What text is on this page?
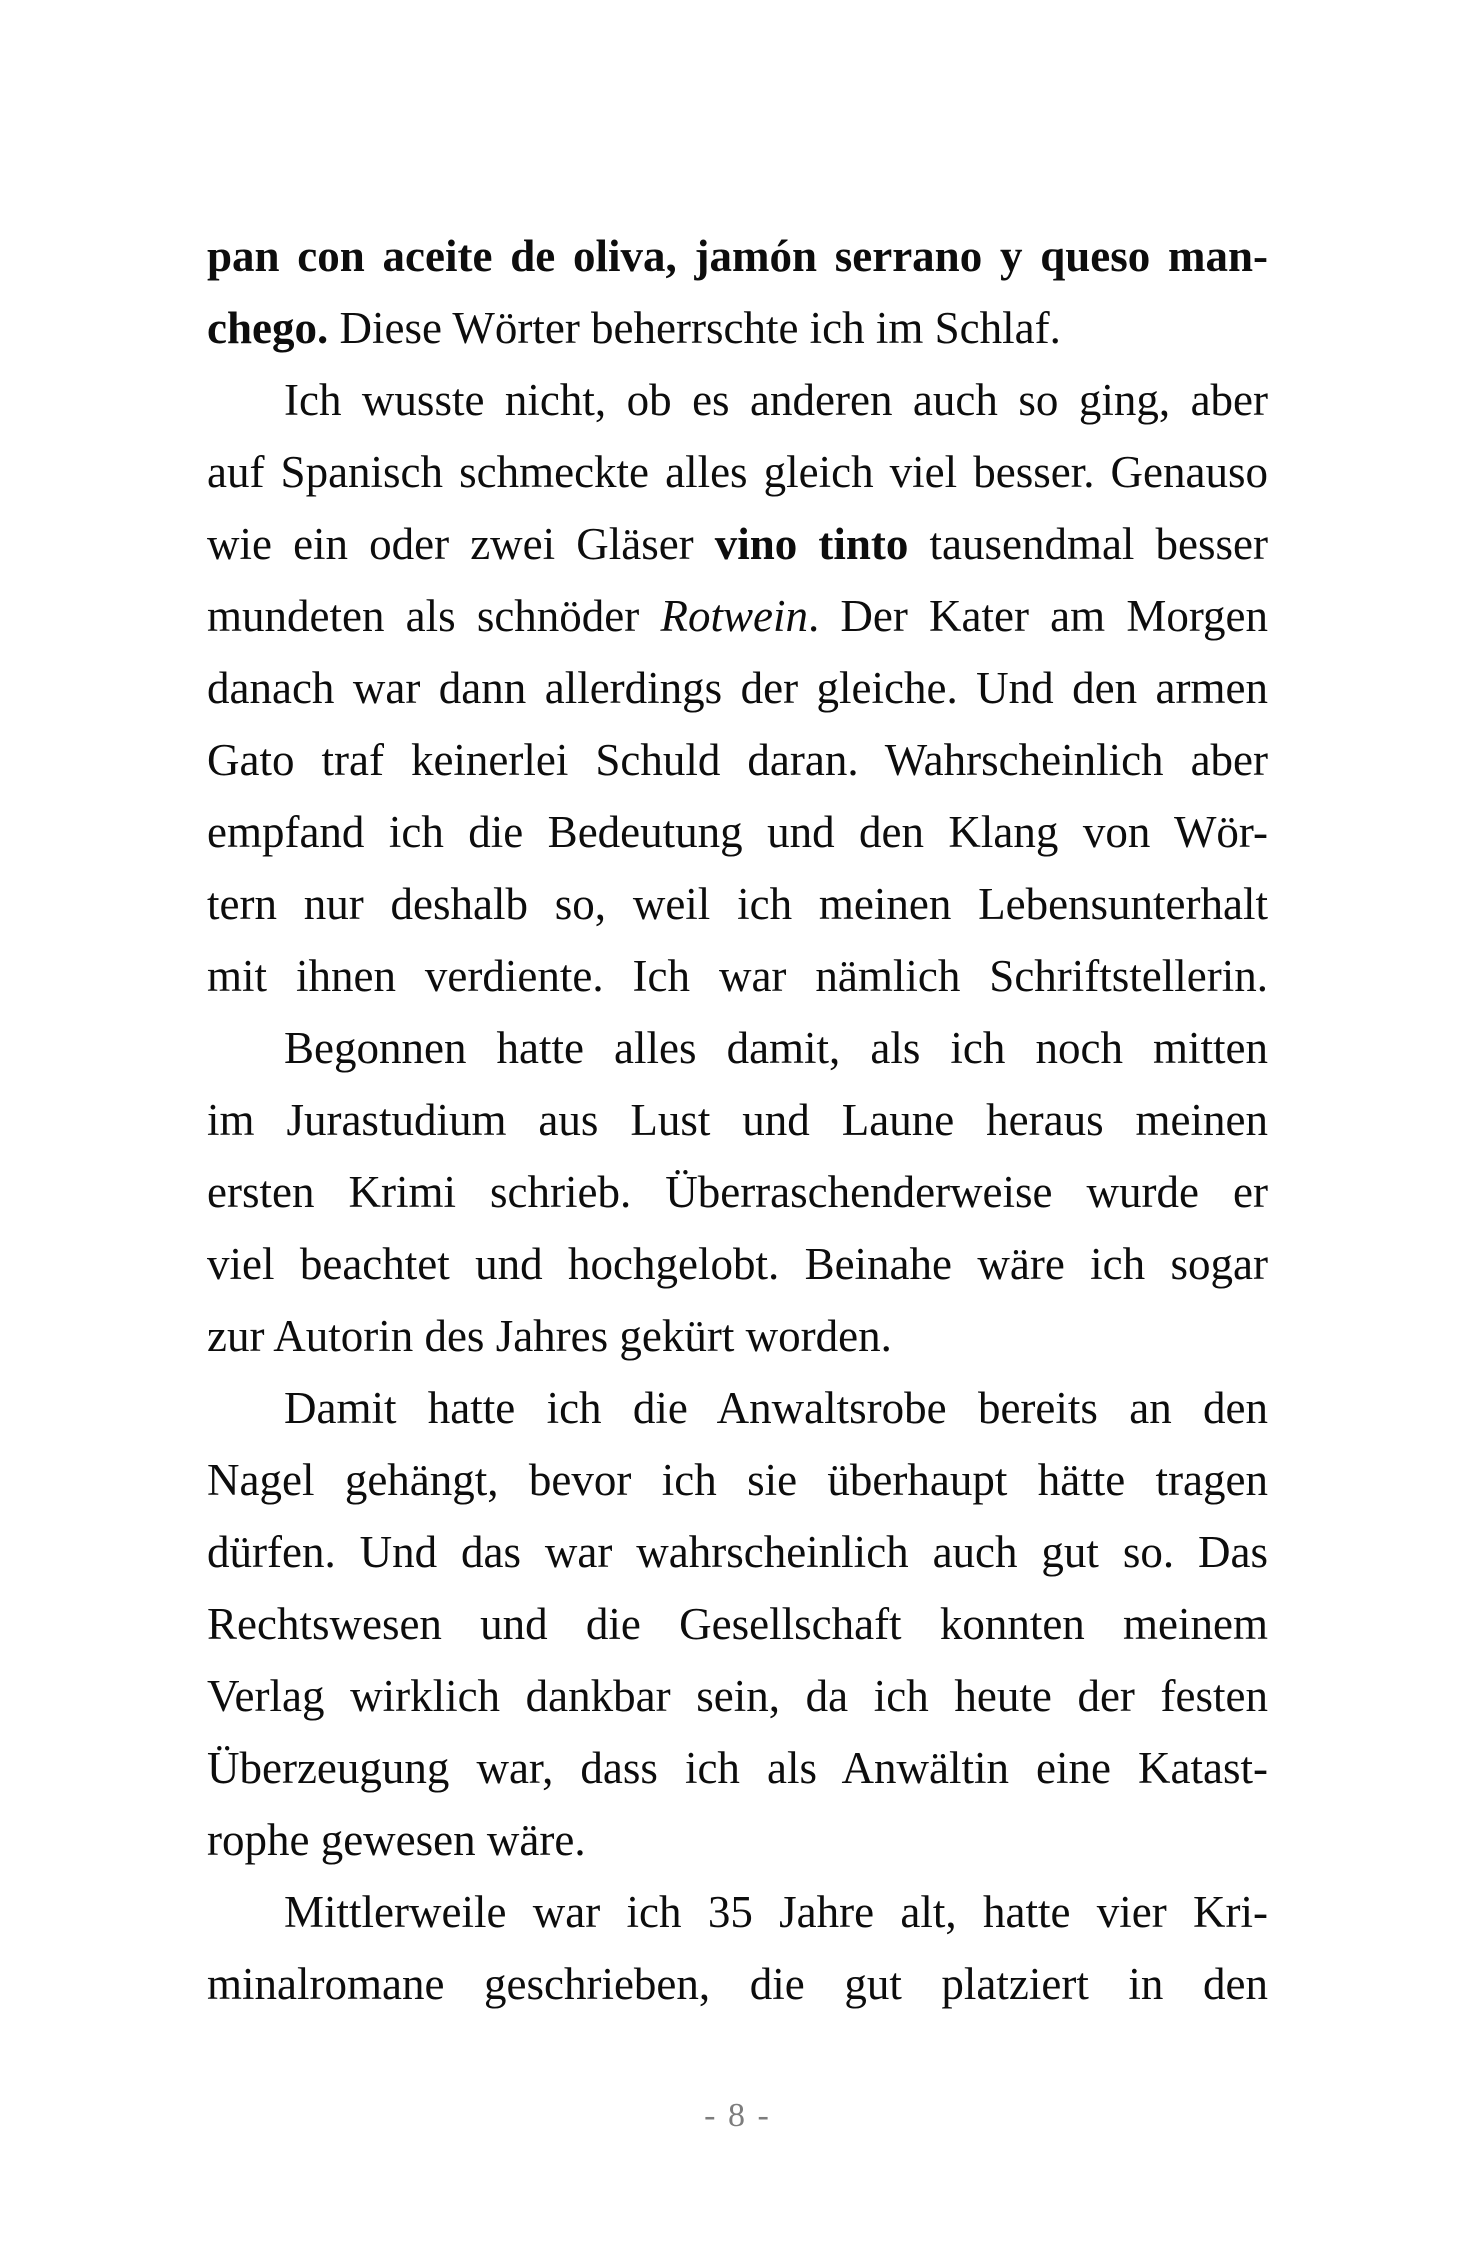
pan con aceite de oliva, jamón serrano y queso man-
chego. Diese Wörter beherrschte ich im Schlaf.
Ich wusste nicht, ob es anderen auch so ging, aber
auf Spanisch schmeckte alles gleich viel besser. Genauso
wie ein oder zwei Gläser vino tinto tausendmal besser
mundeten als schnöder Rotwein. Der Kater am Morgen
danach war dann allerdings der gleiche. Und den armen
Gato traf keinerlei Schuld daran. Wahrscheinlich aber
empfand ich die Bedeutung und den Klang von Wör-
tern nur deshalb so, weil ich meinen Lebensunterhalt
mit ihnen verdiente. Ich war nämlich Schriftstellerin.
Begonnen hatte alles damit, als ich noch mitten
im Jurastudium aus Lust und Laune heraus meinen
ersten Krimi schrieb. Überraschenderweise wurde er
viel beachtet und hochgelobt. Beinahe wäre ich sogar
zur Autorin des Jahres gekürt worden.
Damit hatte ich die Anwaltsrobe bereits an den
Nagel gehängt, bevor ich sie überhaupt hätte tragen
dürfen. Und das war wahrscheinlich auch gut so. Das
Rechtswesen und die Gesellschaft konnten meinem
Verlag wirklich dankbar sein, da ich heute der festen
Überzeugung war, dass ich als Anwältin eine Katast-
rophe gewesen wäre.
Mittlerweile war ich 35 Jahre alt, hatte vier Kri-
minalromane geschrieben, die gut platziert in den
- 8 -
